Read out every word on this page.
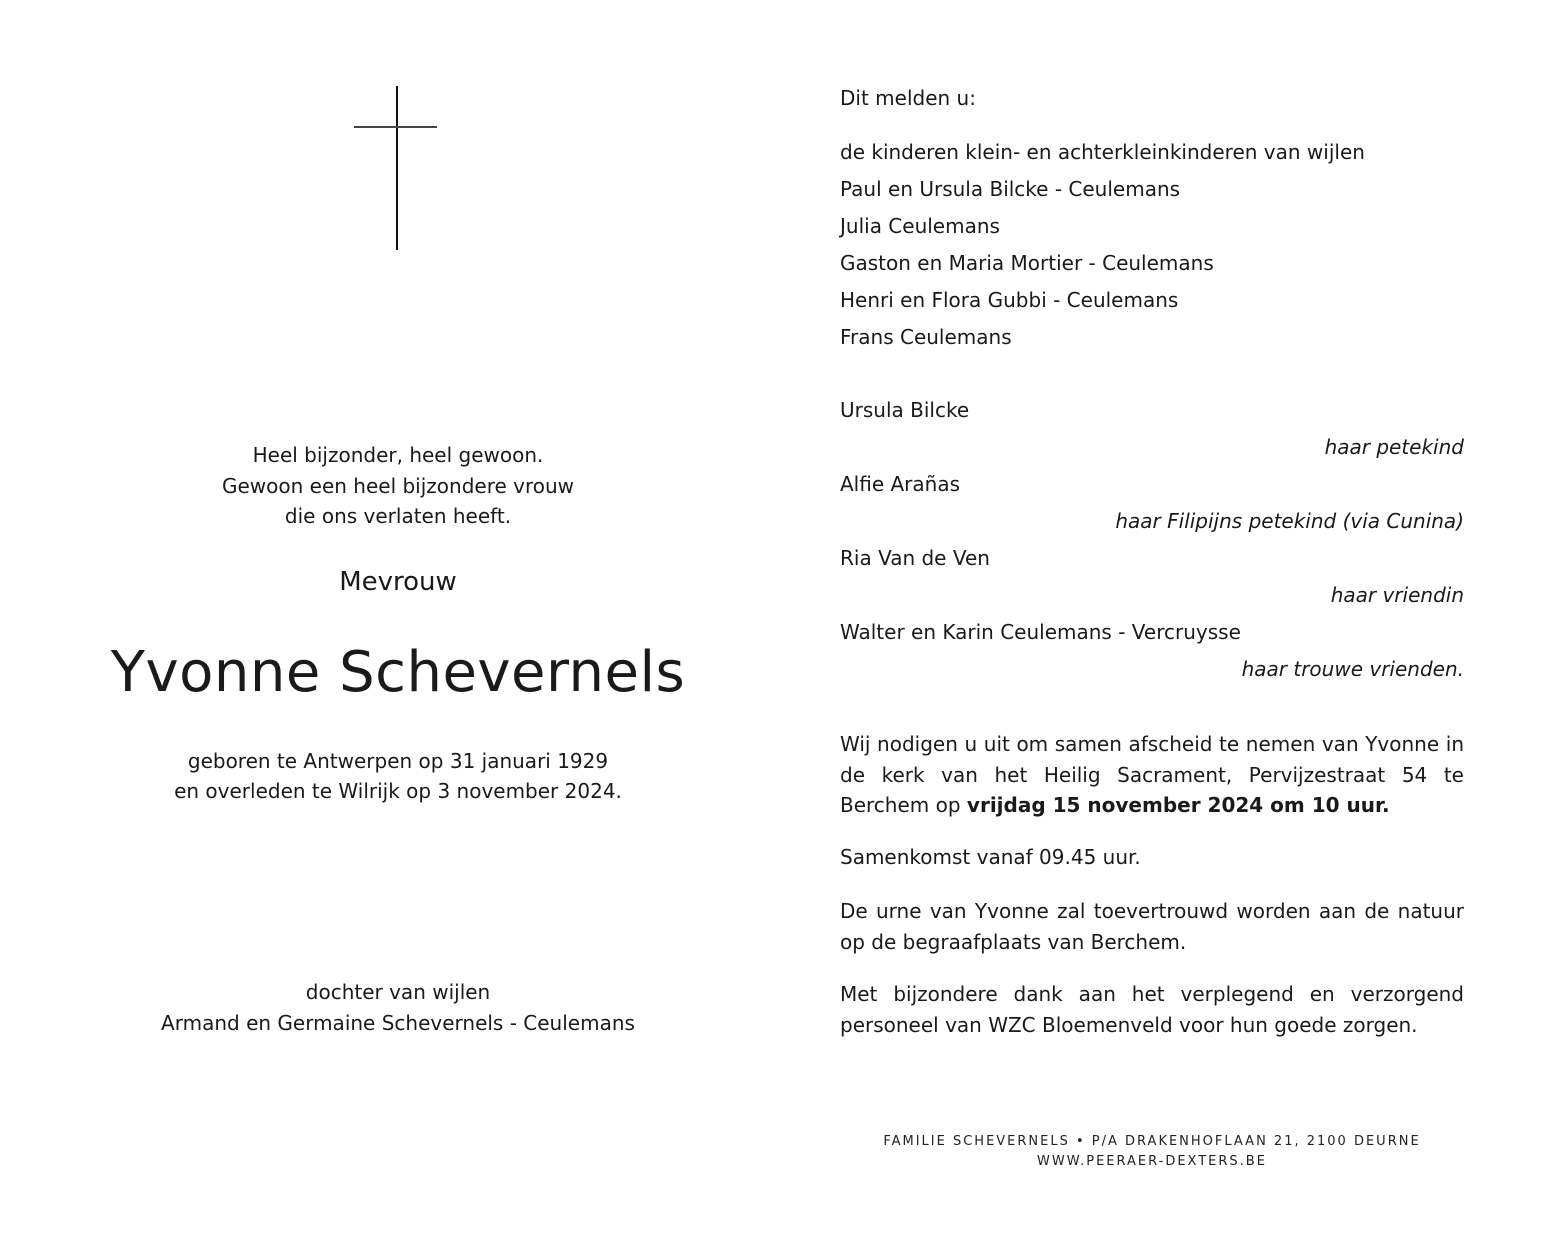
Heel bijzonder, heel gewoon.
Gewoon een heel bijzondere vrouw
die ons verlaten heeft.
Mevrouw
Yvonne Schevernels
geboren te Antwerpen op 31 januari 1929
en overleden te Wilrijk op 3 november 2024.
dochter van wijlen
Armand en Germaine Schevernels - Ceulemans
Dit melden u:
de kinderen klein- en achterkleinkinderen van wijlen
Paul en Ursula Bilcke - Ceulemans
Julia Ceulemans
Gaston en Maria Mortier - Ceulemans
Henri en Flora Gubbi - Ceulemans
Frans Ceulemans
Ursula Bilcke
haar petekind
Alfie Arañas
haar Filipijns petekind (via Cunina)
Ria Van de Ven
haar vriendin
Walter en Karin Ceulemans - Vercruysse
haar trouwe vrienden.
Wij nodigen u uit om samen afscheid te nemen van Yvonne in de kerk van het Heilig Sacrament, Pervijzestraat 54 te Berchem op vrijdag 15 november 2024 om 10 uur.
Samenkomst vanaf 09.45 uur.
De urne van Yvonne zal toevertrouwd worden aan de natuur op de begraafplaats van Berchem.
Met bijzondere dank aan het verplegend en verzorgend personeel van WZC Bloemenveld voor hun goede zorgen.
FAMILIE SCHEVERNELS • P/A DRAKENHOFLAAN 21, 2100 DEURNE
WWW.PEERAER-DEXTERS.BE
